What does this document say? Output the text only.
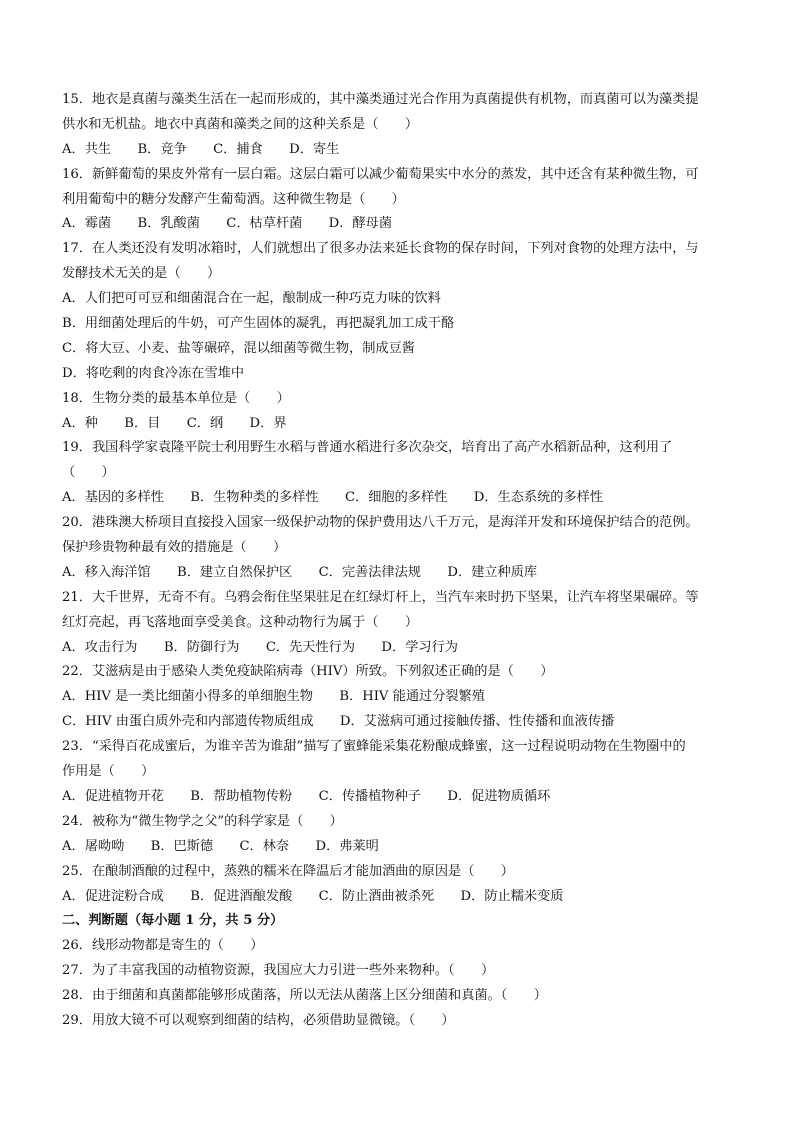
15．地衣是真菌与藻类生活在一起而形成的，其中藻类通过光合作用为真菌提供有机物，而真菌可以为藻类提
供水和无机盐。地衣中真菌和藻类之间的这种关系是（　　）
A．共生　　B．竞争　　C．捕食　　D．寄生
16．新鲜葡萄的果皮外常有一层白霜。这层白霜可以减少葡萄果实中水分的蒸发，其中还含有某种微生物，可
利用葡萄中的糖分发酵产生葡萄酒。这种微生物是（　　）
A．霉菌　　B．乳酸菌　　C．枯草杆菌　　D．酵母菌
17．在人类还没有发明冰箱时，人们就想出了很多办法来延长食物的保存时间，下列对食物的处理方法中，与
发酵技术无关的是（　　）
A．人们把可可豆和细菌混合在一起，酿制成一种巧克力味的饮料
B．用细菌处理后的牛奶，可产生固体的凝乳，再把凝乳加工成干酪
C．将大豆、小麦、盐等碾碎，混以细菌等微生物，制成豆酱
D．将吃剩的肉食冷冻在雪堆中
18．生物分类的最基本单位是（　　）
A．种　　B．目　　C．纲　　D．界
19．我国科学家袁隆平院士利用野生水稻与普通水稻进行多次杂交，培育出了高产水稻新品种，这利用了
（　　）
A．基因的多样性　　B．生物种类的多样性　　C．细胞的多样性　　D．生态系统的多样性
20．港珠澳大桥项目直接投入国家一级保护动物的保护费用达八千万元，是海洋开发和环境保护结合的范例。
保护珍贵物种最有效的措施是（　　）
A．移入海洋馆　　B．建立自然保护区　　C．完善法律法规　　D．建立种质库
21．大千世界，无奇不有。乌鸦会衔住坚果驻足在红绿灯杆上，当汽车来时扔下坚果，让汽车将坚果碾碎。等
红灯亮起，再飞落地面享受美食。这种动物行为属于（　　）
A．攻击行为　　B．防御行为　　C．先天性行为　　D．学习行为
22．艾滋病是由于感染人类免疫缺陷病毒（HIV）所致。下列叙述正确的是（　　）
A．HIV 是一类比细菌小得多的单细胞生物　　B．HIV 能通过分裂繁殖
C．HIV 由蛋白质外壳和内部遗传物质组成　　D．艾滋病可通过接触传播、性传播和血液传播
23．“采得百花成蜜后，为谁辛苦为谁甜”描写了蜜蜂能采集花粉酿成蜂蜜，这一过程说明动物在生物圈中的
作用是（　　）
A．促进植物开花　　B．帮助植物传粉　　C．传播植物种子　　D．促进物质循环
24．被称为“微生物学之父”的科学家是（　　）
A．屠呦呦　　B．巴斯德　　C．林奈　　D．弗莱明
25．在酿制酒酿的过程中，蒸熟的糯米在降温后才能加酒曲的原因是（　　）
A．促进淀粉合成　　B．促进酒酿发酸　　C．防止酒曲被杀死　　D．防止糯米变质
二、判断题（每小题 1 分，共 5 分）
26．线形动物都是寄生的（　　）
27．为了丰富我国的动植物资源，我国应大力引进一些外来物种。（　　）
28．由于细菌和真菌都能够形成菌落，所以无法从菌落上区分细菌和真菌。（　　）
29．用放大镜不可以观察到细菌的结构，必须借助显微镜。（　　）
